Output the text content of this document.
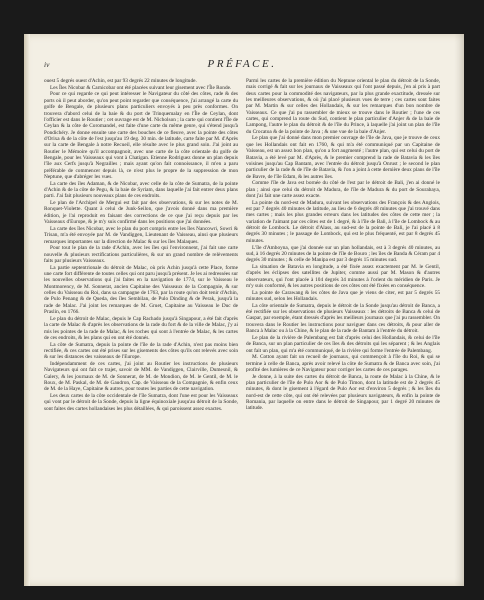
iv	PRÉFACE.

ouest 5 degrés ouest d'Achin, est par 93 degrés 22 minutes de longitude.

Les Îles Nicobar & Carnicobar ont été placées suivant leur gisement avec l'Île Ronde.

Pour ce qui regarde ce qui peut intéresser le Navigateur du côté des côtes, rade & des ports où il peut aborder, qu'on peut point regarder que conséquence, j'ai arrangé la carte du golfe de Bengale, de plusieurs plans particuliers envoyés à peu près conformes. On trouvera d'abord celui de la baie & du port de Trinquemalay en l'Île de Ceylan, dont l'officier est dans le Routier ; cet ouvrage est de M. Nicholson ; la carte qui contient l'Île de Ceylan & la côte de Coromandel, est faite d'une carte du même genre, qui s'étend jusqu'à Pondichéry. Je donne ensuite une carte des bouches de ce fleuve, avec la pointe des côtes d'Orixa & de la côte de l'est jusqu'au 19 deg. 30 min. de latitude, carte faite par M. d'Après sur la carte de Bengale à notre Recueil, elle résulte avec le plus grand soin. J'ai joint au Routier le Mémoire qu'il accompagnoit, avec une carte de la côte orientale du golfe de Bengale, pour les Vaisseaux qui vont à Chatigan. Etienne Rodriguez donne un plan depuis l'île aux Cerfs jusqu'à Negrailles ; mais ayant qu'on fait connoissance, il m'en a paru préférable de commencer depuis là, ce n'est plus le propre de la suppression de mon Neptune, que d'abréger les vues.

La carte des îles Adaman, & de Nicobar, avec celle de la côte de Sumatra, de la pointe d'Achin & de la côte de Pegu, & la baie de Syriam, dans laquelle j'ai fait entrer deux plans parti. J'ai fait plusieurs nouveaux plans de ces endroits.

Le plan de l'Archipel de Mergui est fait par des observations, & sur les notes de M. Ronquet-Violette. Quant à celui de Junk-Seilon, que j'avois donné dans ma première édition, je l'ai reproduit en faisant des corrections de ce que j'ai reçu depuis par les Vaisseaux d'Europe, & je m'y suis confirmé dans les positions que j'ai données.

La carte des îles Nicobar, avec le plan du port compris entre les îles Nancowri, Sowri & Trisan, m'a été envoyée par M. de Vandiggen, Lieutenant de Vaisseau, ainsi que plusieurs remarques importantes sur la direction de Malac & sur les îles Malaques.

Pour tout le plan de la rade d'Achin, avec les îles qui l'environnent, j'ai fait une carte nouvelle & plusieurs rectifications particulières, & sur un grand nombre de relèvements faits par plusieurs Vaisseaux.

La partie septentrionale du détroit de Malac, où pris Achin jusqu'à cette Place, forme une carte fort différente de toutes celles qui ont paru jusqu'à présent. Je les ai redressées sur les nouvelles observations qui j'ai faites en la navigation de 1774, sur le Vaisseau le Montmorency, de M. Sonnerat, ancien Capitaine des Vaisseaux de la Compagnie, & sur celles du Vaisseau du Roi, dans sa campagne de 1763, par la route qu'on doit tenir d'Achin, de Pulo Penang & de Queda, des îles Sembilan, de Pulo Dinding & de Perak, jusqu'à la rade de Malac. J'ai joint les remarques de M. Gruet, Capitaine au Vaisseau le Duc de Praslin, en 1766.

Le plan du détroit de Malac, depuis le Cap Rachado jusqu'à Singapour, a été fait d'après la carte de Malac & d'après les observations de la rade du fort & de la ville de Malac, j'y ai mis les pointes de la rade de Malac, & les roches qui sont à l'entrée de Malac, & les cartes de ces endroits, & les plans qui en ont été donnés.

La côte de Sumatra, depuis la pointe de l'île de la rade d'Achin, n'est pas moins bien rectifiée, & ces cartes ont été prises sur les gisements des côtes qu'ils ont relevés avec soin & sur les distances des vaisseaux de l'Europe.

Indépendamment de ces cartes, j'ai joint au Routier les instructions de plusieurs Navigateurs qui ont fait ce trajet, savoir de MM. de Vandiggen, Clairville, Dumesnil, & Galery, & les journaux de M. de Sonnerat, de M. de Mondion, de M. le Gentil, de M. le Roux, de M. Paskal, de M. de Gaudron, Cap. de Vaisseau de la Compagnie, & enfin ceux de M. de la Haye, Capitaine & autres, pour toutes les parties de cette navigation.

Les deux cartes de la côte occidentale de l'île Sumatra, dont l'une est pour les Vaisseaux qui vont par le détroit de la Sonde, depuis la ligne équinoxiale jusqu'au détroit de la Sonde, sont faites des cartes hollandaises les plus détaillées, & qui paroissent assez exactes.

Parmi les cartes de la première édition du Neptune oriental le plan du détroit de la Sonde, mais corrigé & fait sur les journaux de Vaisseaux qui l'ont passé depuis, j'en ai pris à part deux cartes pour la commodité des navigateurs, par la plus grande exactitude, dressée sur les meilleures observations, & où j'ai placé plusieurs vues de terre ; ces cartes sont faites par M. Martin & sur celles des Hollandais, & sur les remarques d'un bon nombre de Vaisseaux. Ce que j'ai pu rassembler de mieux se trouve dans le Routier ; l'une de ces cartes, qui comprend la route du Sud, contient le plan particulier d'Anjer & de la baie de Lampong, l'autre le plan du détroit & de l'île du Prince, à laquelle j'ai joint un plan de l'île du Crocatoa & de la pointe de Java ; & une vue de la baie d'Anjer.

Le plan que j'ai donné dans mon premier ouvrage de l'île de Java, que je trouve de ceux que les Hollandais ont fait en 1760, & qui m'a été communiqué par un Capitaine de Vaisseau, est un assez bon plan, qu'on a fort augmenté ; l'autre plan, qui est celui du port de Batavia, a été levé par M. d'Après, & le premier comprend la rade de Batavia & les îles voisines jusqu'au Cap Bantam, avec l'entrée du détroit jusqu'à Onrust ; le second le plan particulier de la rade & de l'île de Batavia, & l'on a joint à cette dernière deux plans de l'île de Bavre, de l'île Edam, & les autres îles.

Comme l'île de Java est bornée du côté de l'est par le détroit de Bali, j'en ai donné le plan ; ainsi que celui du détroit de Madura, de l'île de Madura & du port de Sourabaya, dont j'ai fait une carte assez exacte.

La pointe du nord-est de Madura, suivant les observations des François & des Anglois, est par 7 degrés 40 minutes de latitude, au lieu de 6 degrés 48 minutes que j'ai trouvé dans mes cartes ; mais les plus grandes erreurs dans les latitudes des côtes de cette mer ; la variation de l'aimant par ces côtes est de 1 degré, & à l'île de Bali, à l'île de Lombock & au détroit de Lombock. Le détroit d'Alass, au sud-est de la pointe de Bali, je l'ai placé à 8 degrés 30 minutes ; le passage de Lombock, qui est le plus fréquenté, est par 8 degrés 45 minutes.

L'île d'Amboyna, que j'ai donnée sur un plan hollandais, est à 3 degrés 40 minutes, au sud, à 16 degrés 20 minutes de la pointe de l'île de Bouro ; les îles de Banda & Céram par 4 degrés 30 minutes ; & celle de Manipa est par 3 degrés 15 minutes sud.

La situation de Batavia en longitude, a été fixée assez exactement par M. le Gentil, d'après les éclipses des satellites de Jupiter, comme aussi par M. Mason & d'autres observateurs, qui l'ont placée à 104 degrés 34 minutes à l'orient du méridien de Paris. Je m'y suis conformé, & les autres positions de ces côtes ont été fixées en conséquence.

La pointe de Carawang & les côtes de Java que je viens de citer, est par 5 degrés 55 minutes sud, selon les Hollandais.

La côte orientale de Sumatra, depuis le détroit de la Sonde jusqu'au détroit de Banca, a été rectifiée sur les observations de plusieurs Vaisseaux : les détroits de Banca & celui de Gaspar, par exemple, étant dressés d'après les meilleurs journaux que j'ai pu rassembler. On trouvera dans le Routier les instructions pour naviguer dans ces détroits, & pour aller de Banca à Malac ou à la Chine, & le plan de la rade de Bantam à l'entrée du détroit.

Le plan de la rivière de Palembang est fait d'après celui des Hollandais, & celui de l'île de Banca, sur un plan particulier de ces îles & des détroits qui les séparent ; & les Anglais ont fait un plan, qui m'a été communiqué, de la rivière qui forme l'entrée de Palembang.

M. Cotton ayant fait un recueil de journaux, qui commençoit à l'île du Roi, & qui se termine à celle de Banca, après avoir relevé la côte de Sumatra & de Banca avec soin, j'ai profité des lumières de ce Navigateur pour corriger les cartes de ces parages.

Je donne, à la suite des cartes du détroit de Banca, la route de Malac à la Chine, & le plan particulier de l'île de Pulo Aor & de Pulo Timon, dont la latitude est de 2 degrés 45 minutes, & dont le gisement à l'égard de Pulo Aor est d'environ 5 degrés ; & les îles du nord-est de cette côte, qui ont été relevées par plusieurs navigateurs, & enfin la pointe de Romania, par laquelle on entre dans le détroit de Singapour, par 1 degré 20 minutes de latitude.
